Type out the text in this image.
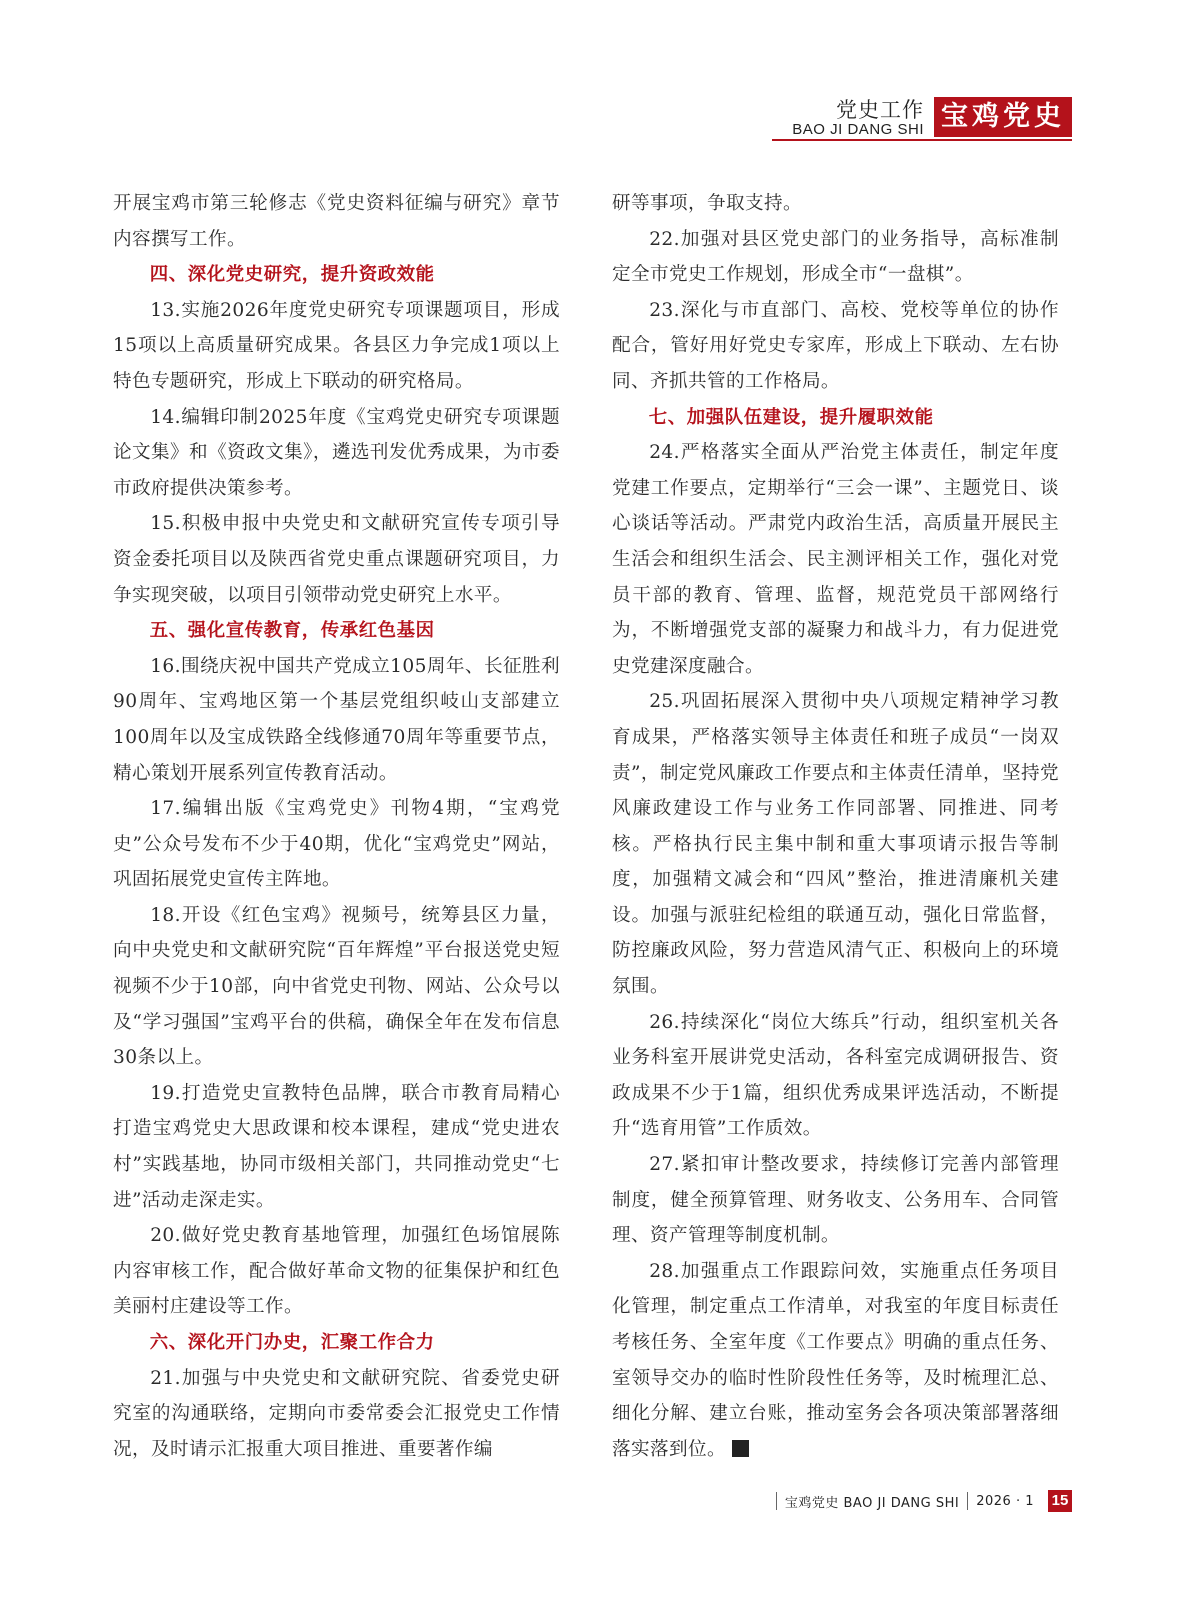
党史工作
BAO JI DANG SHI 宝鸡党史

开展宝鸡市第三轮修志《党史资料征编与研究》章节内容撰写工作。

四、深化党史研究，提升资政效能

13.实施2026年度党史研究专项课题项目，形成15项以上高质量研究成果。各县区力争完成1项以上特色专题研究，形成上下联动的研究格局。

14.编辑印制2025年度《宝鸡党史研究专项课题论文集》和《资政文集》，遴选刊发优秀成果，为市委市政府提供决策参考。

15.积极申报中央党史和文献研究宣传专项引导资金委托项目以及陕西省党史重点课题研究项目，力争实现突破，以项目引领带动党史研究上水平。

五、强化宣传教育，传承红色基因

16.围绕庆祝中国共产党成立105周年、长征胜利90周年、宝鸡地区第一个基层党组织岐山支部建立100周年以及宝成铁路全线修通70周年等重要节点，精心策划开展系列宣传教育活动。

17.编辑出版《宝鸡党史》刊物4期，“宝鸡党史”公众号发布不少于40期，优化“宝鸡党史”网站，巩固拓展党史宣传主阵地。

18.开设《红色宝鸡》视频号，统筹县区力量，向中央党史和文献研究院“百年辉煌”平台报送党史短视频不少于10部，向中省党史刊物、网站、公众号以及“学习强国”宝鸡平台的供稿，确保全年在发布信息30条以上。

19.打造党史宣教特色品牌，联合市教育局精心打造宝鸡党史大思政课和校本课程，建成“党史进农村”实践基地，协同市级相关部门，共同推动党史“七进”活动走深走实。

20.做好党史教育基地管理，加强红色场馆展陈内容审核工作，配合做好革命文物的征集保护和红色美丽村庄建设等工作。

六、深化开门办史，汇聚工作合力

21.加强与中央党史和文献研究院、省委党史研究室的沟通联络，定期向市委常委会汇报党史工作情况，及时请示汇报重大项目推进、重要著作编

研等事项，争取支持。

22.加强对县区党史部门的业务指导，高标准制定全市党史工作规划，形成全市“一盘棋”。

23.深化与市直部门、高校、党校等单位的协作配合，管好用好党史专家库，形成上下联动、左右协同、齐抓共管的工作格局。

七、加强队伍建设，提升履职效能

24.严格落实全面从严治党主体责任，制定年度党建工作要点，定期举行“三会一课”、主题党日、谈心谈话等活动。严肃党内政治生活，高质量开展民主生活会和组织生活会、民主测评相关工作，强化对党员干部的教育、管理、监督，规范党员干部网络行为，不断增强党支部的凝聚力和战斗力，有力促进党史党建深度融合。

25.巩固拓展深入贯彻中央八项规定精神学习教育成果，严格落实领导主体责任和班子成员“一岗双责”，制定党风廉政工作要点和主体责任清单，坚持党风廉政建设工作与业务工作同部署、同推进、同考核。严格执行民主集中制和重大事项请示报告等制度，加强精文减会和“四风”整治，推进清廉机关建设。加强与派驻纪检组的联通互动，强化日常监督，防控廉政风险，努力营造风清气正、积极向上的环境氛围。

26.持续深化“岗位大练兵”行动，组织室机关各业务科室开展讲党史活动，各科室完成调研报告、资政成果不少于1篇，组织优秀成果评选活动，不断提升“选育用管”工作质效。

27.紧扣审计整改要求，持续修订完善内部管理制度，健全预算管理、财务收支、公务用车、合同管理、资产管理等制度机制。

28.加强重点工作跟踪问效，实施重点任务项目化管理，制定重点工作清单，对我室的年度目标责任考核任务、全室年度《工作要点》明确的重点任务、室领导交办的临时性阶段性任务等，及时梳理汇总、细化分解、建立台账，推动室务会各项决策部署落细落实落到位。

宝鸡党史 BAO JI DANG SHI 2026 · 1 15
